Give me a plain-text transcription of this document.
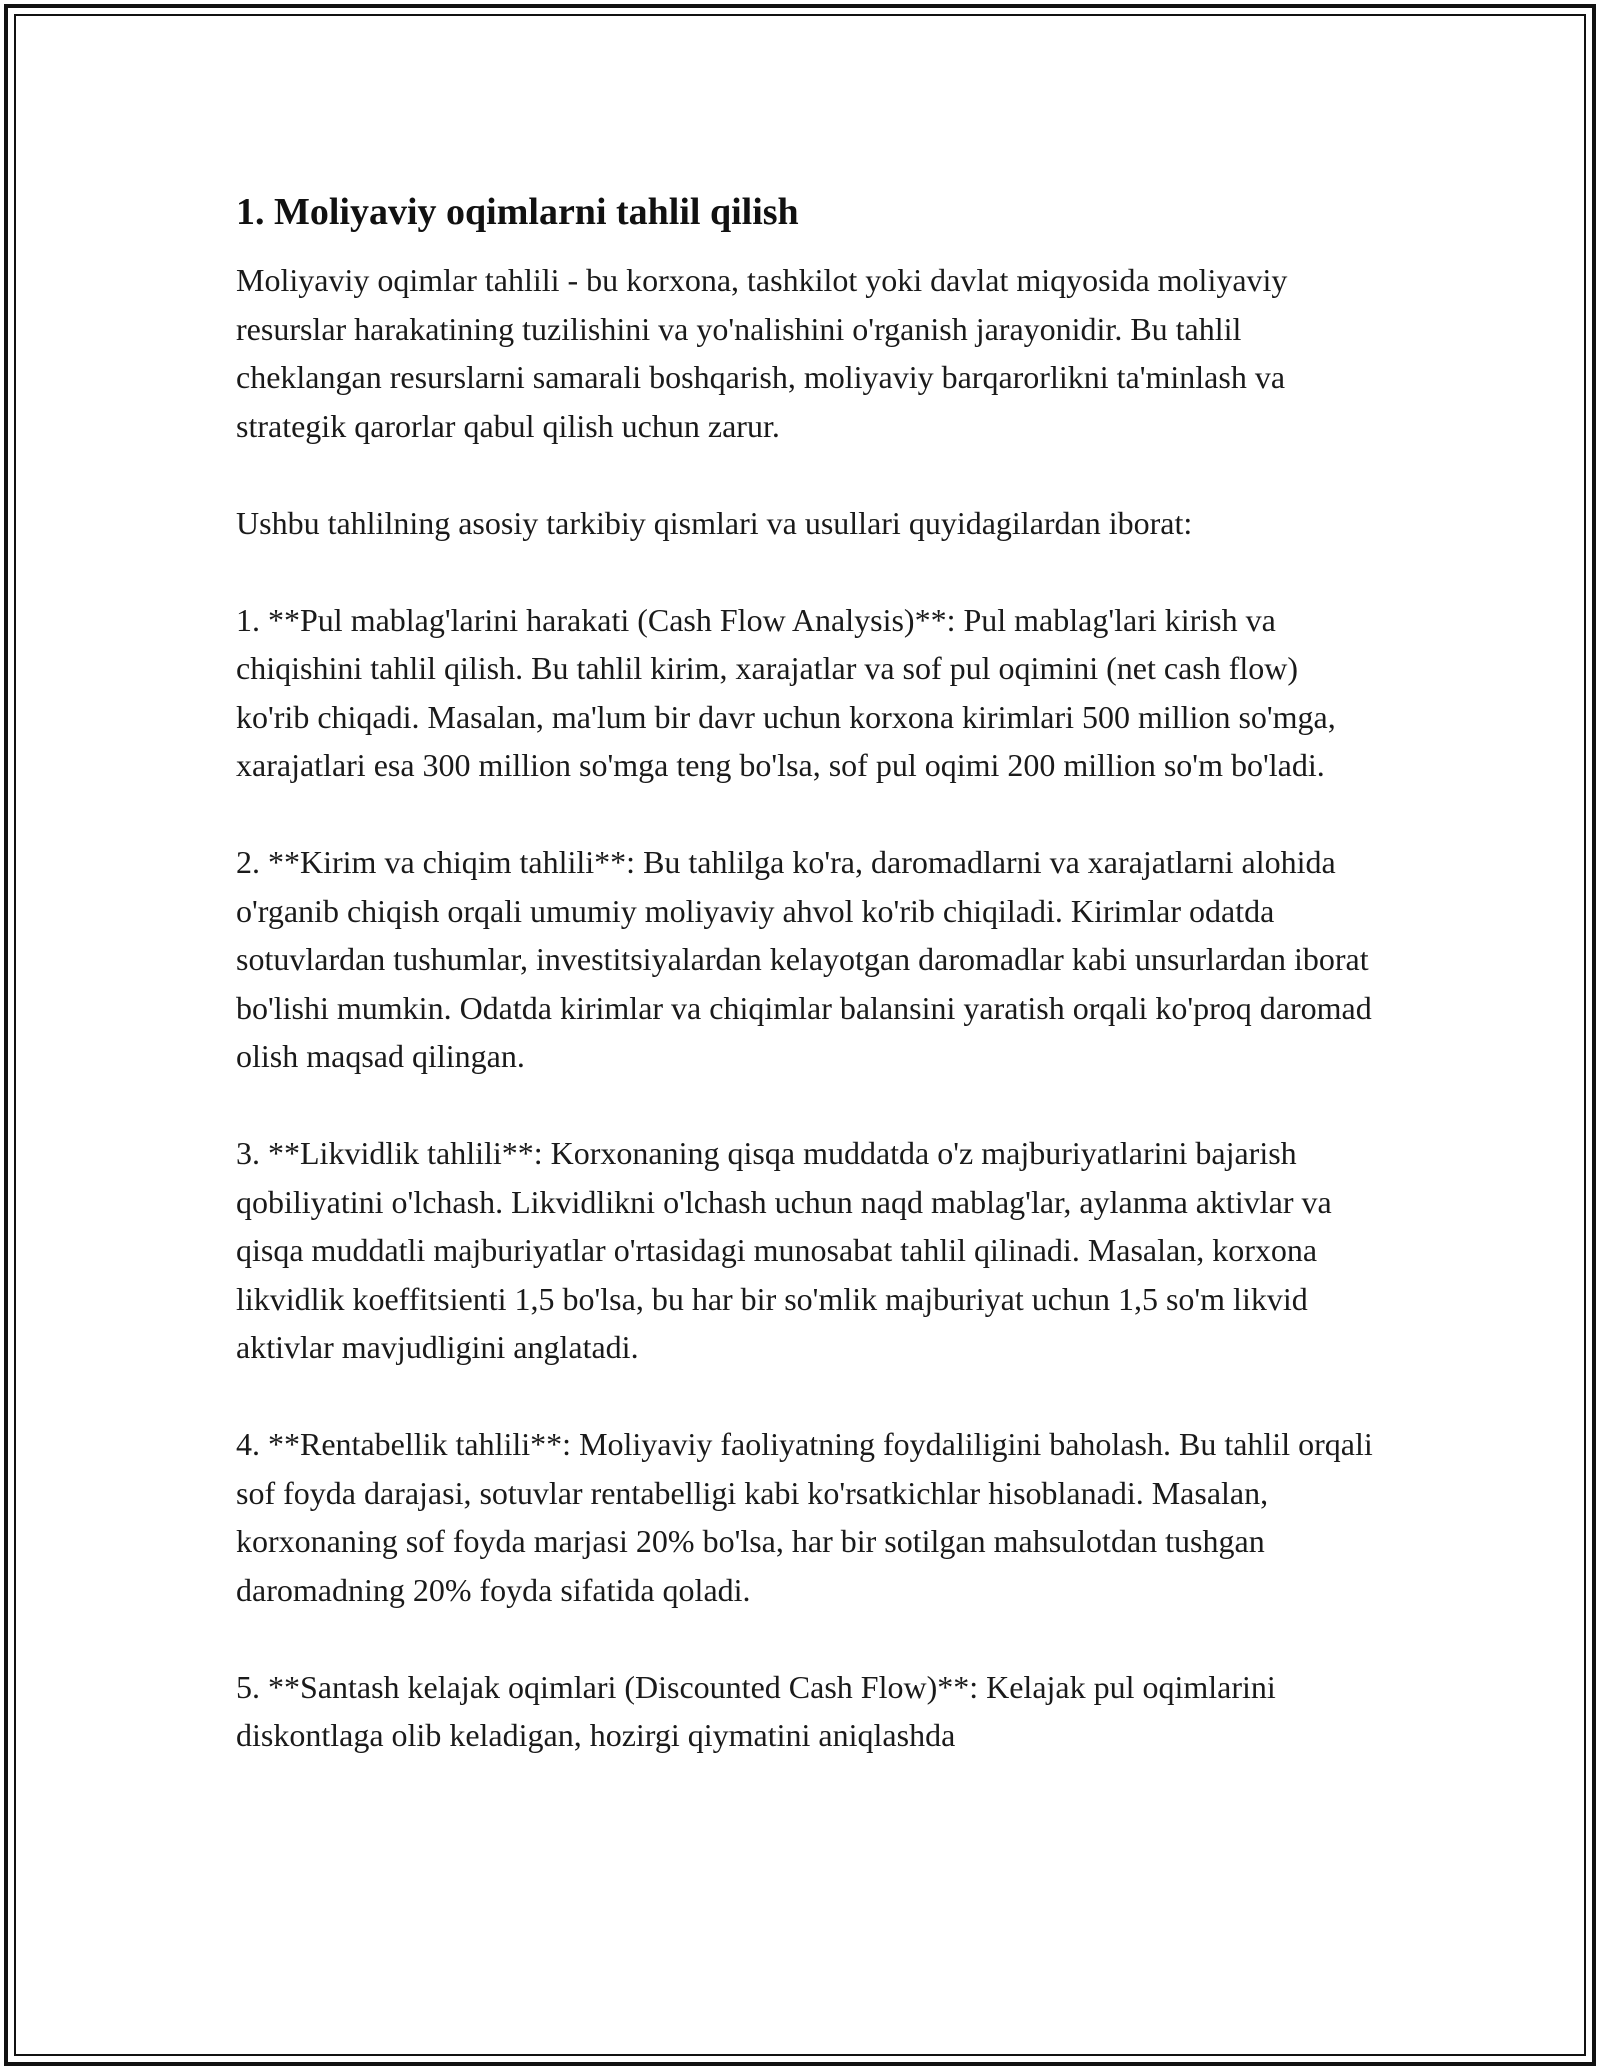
1. Moliyaviy oqimlarni tahlil qilish

Moliyaviy oqimlar tahlili - bu korxona, tashkilot yoki davlat miqyosida moliyaviy resurslar harakatining tuzilishini va yo'nalishini o'rganish jarayonidir. Bu tahlil cheklangan resurslarni samarali boshqarish, moliyaviy barqarorlikni ta'minlash va strategik qarorlar qabul qilish uchun zarur.

Ushbu tahlilning asosiy tarkibiy qismlari va usullari quyidagilardan iborat:

1. **Pul mablag'larini harakati (Cash Flow Analysis)**: Pul mablag'lari kirish va chiqishini tahlil qilish. Bu tahlil kirim, xarajatlar va sof pul oqimini (net cash flow) ko'rib chiqadi. Masalan, ma'lum bir davr uchun korxona kirimlari 500 million so'mga, xarajatlari esa 300 million so'mga teng bo'lsa, sof pul oqimi 200 million so'm bo'ladi.

2. **Kirim va chiqim tahlili**: Bu tahlilga ko'ra, daromadlarni va xarajatlarni alohida o'rganib chiqish orqali umumiy moliyaviy ahvol ko'rib chiqiladi. Kirimlar odatda sotuvlardan tushumlar, investitsiyalardan kelayotgan daromadlar kabi unsurlardan iborat bo'lishi mumkin. Odatda kirimlar va chiqimlar balansini yaratish orqali ko'proq daromad olish maqsad qilingan.

3. **Likvidlik tahlili**: Korxonaning qisqa muddatda o'z majburiyatlarini bajarish qobiliyatini o'lchash. Likvidlikni o'lchash uchun naqd mablag'lar, aylanma aktivlar va qisqa muddatli majburiyatlar o'rtasidagi munosabat tahlil qilinadi. Masalan, korxona likvidlik koeffitsienti 1,5 bo'lsa, bu har bir so'mlik majburiyat uchun 1,5 so'm likvid aktivlar mavjudligini anglatadi.

4. **Rentabellik tahlili**: Moliyaviy faoliyatning foydaliligini baholash. Bu tahlil orqali sof foyda darajasi, sotuvlar rentabelligi kabi ko'rsatkichlar hisoblanadi. Masalan, korxonaning sof foyda marjasi 20% bo'lsa, har bir sotilgan mahsulotdan tushgan daromadning 20% foyda sifatida qoladi.

5. **Santash kelajak oqimlari (Discounted Cash Flow)**: Kelajak pul oqimlarini diskontlaga olib keladigan, hozirgi qiymatini aniqlashda
